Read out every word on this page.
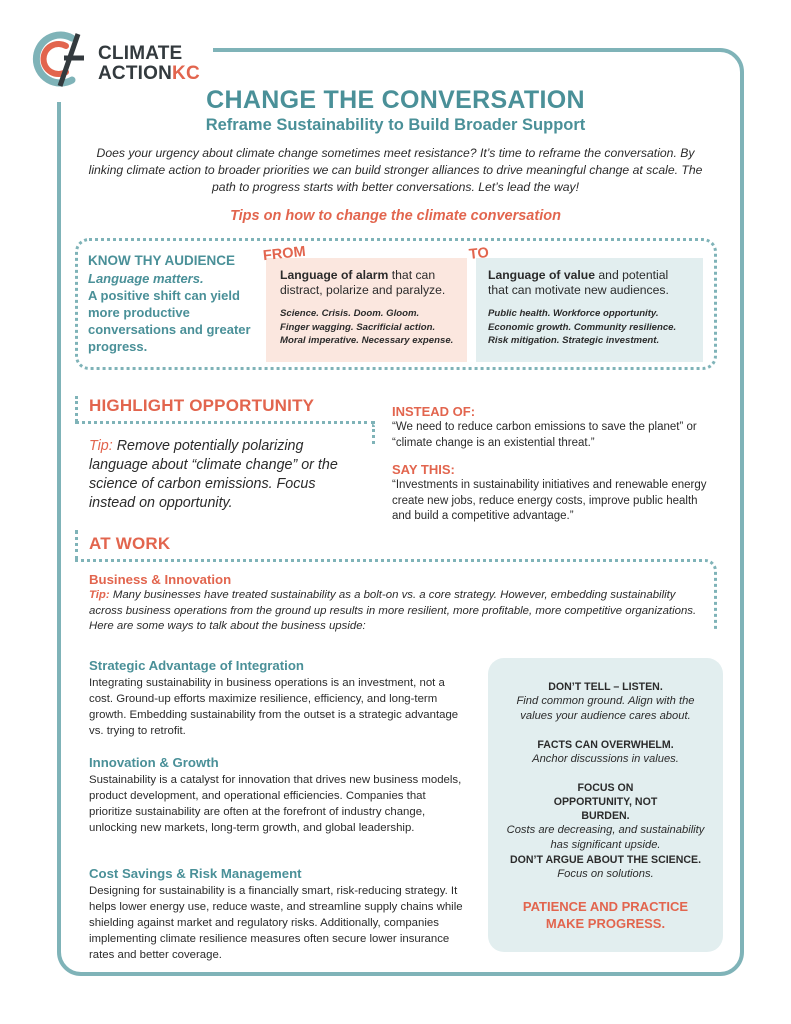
CLIMATE
ACTIONKC
CHANGE THE CONVERSATION
Reframe Sustainability to Build Broader Support
Does your urgency about climate change sometimes meet resistance? It’s time to reframe the conversation. By linking climate action to broader priorities we can build stronger alliances to drive meaningful change at scale. The path to progress starts with better conversations. Let’s lead the way!
Tips on how to change the climate conversation
KNOW THY AUDIENCE
Language matters.
A positive shift can yield more productive conversations and greater progress.
FROM
Language of alarm that can distract, polarize and paralyze.
Science. Crisis. Doom. Gloom.
Finger wagging. Sacrificial action.
Moral imperative. Necessary expense.
TO
Language of value and potential that can motivate new audiences.
Public health. Workforce opportunity.
Economic growth. Community resilience.
Risk mitigation. Strategic investment.
HIGHLIGHT OPPORTUNITY
Tip: Remove potentially polarizing language about “climate change” or the science of carbon emissions. Focus instead on opportunity.
INSTEAD OF:
“We need to reduce carbon emissions to save the planet” or “climate change is an existential threat.”
SAY THIS:
“Investments in sustainability initiatives and renewable energy create new jobs, reduce energy costs, improve public health and build a competitive advantage.”
AT WORK
Business & Innovation
Tip: Many businesses have treated sustainability as a bolt-on vs. a core strategy. However, embedding sustainability across business operations from the ground up results in more resilient, more profitable, more competitive organizations. Here are some ways to talk about the business upside:
Strategic Advantage of Integration
Integrating sustainability in business operations is an investment, not a cost. Ground-up efforts maximize resilience, efficiency, and long-term growth. Embedding sustainability from the outset is a strategic advantage vs. trying to retrofit.
Innovation & Growth
Sustainability is a catalyst for innovation that drives new business models, product development, and operational efficiencies. Companies that prioritize sustainability are often at the forefront of industry change, unlocking new markets, long-term growth, and global leadership.
Cost Savings & Risk Management
Designing for sustainability is a financially smart, risk-reducing strategy. It helps lower energy use, reduce waste, and streamline supply chains while shielding against market and regulatory risks. Additionally, companies implementing climate resilience measures often secure lower insurance rates and better coverage.
DON’T TELL – LISTEN.
Find common ground. Align with the values your audience cares about.
FACTS CAN OVERWHELM.
Anchor discussions in values.
FOCUS ON OPPORTUNITY, NOT BURDEN.
Costs are decreasing, and sustainability has significant upside.
DON’T ARGUE ABOUT THE SCIENCE.
Focus on solutions.
PATIENCE AND PRACTICE MAKE PROGRESS.
